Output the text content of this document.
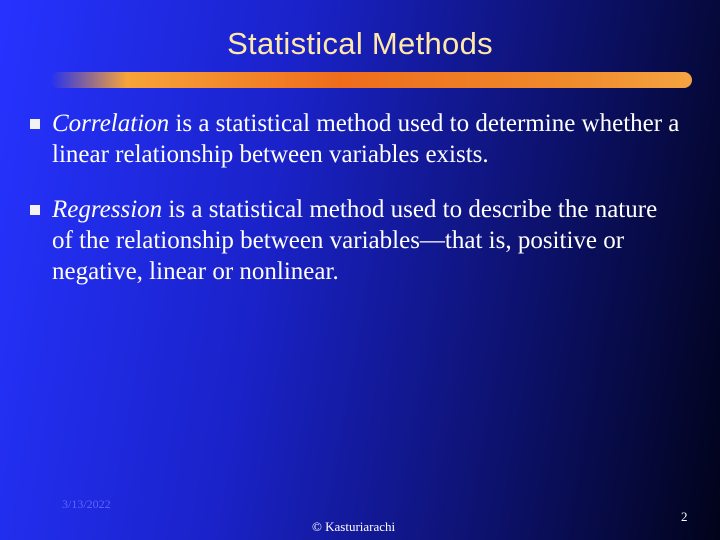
Statistical Methods
Correlation is a statistical method used to determine whether a linear relationship between variables exists.
Regression is a statistical method used to describe the nature of the relationship between variables—that is, positive or negative, linear or nonlinear.
3/13/2022
© Kasturiarachi
2
